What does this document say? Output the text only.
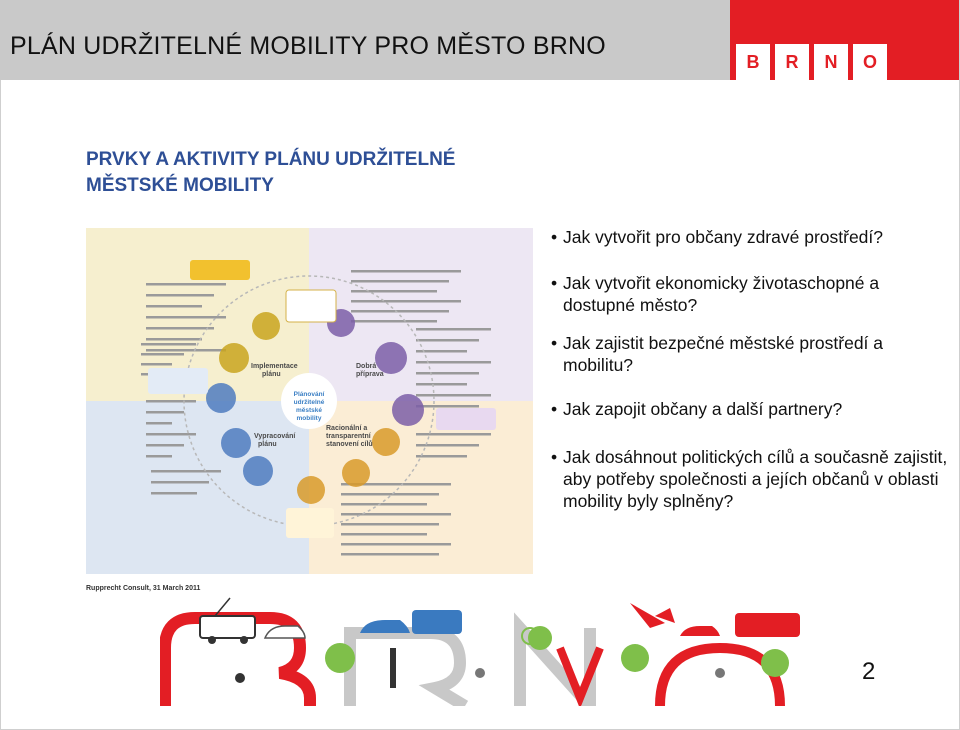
PLÁN UDRŽITELNÉ MOBILITY PRO MĚSTO BRNO
B	R	N	O
PRVKY A AKTIVITY PLÁNU UDRŽITELNÉ
MĚSTSKÉ MOBILITY
Plánování
udržitelné
městské
mobility
Dobrá
příprava
Racionální a
transparentní
stanovení cílů
Vypracování
plánu
Implementace
plánu
Rupprecht Consult, 31 March 2011
• Jak vytvořit pro občany zdravé prostředí?
• Jak vytvořit ekonomicky životaschopné a dostupné město?
• Jak zajistit bezpečné městské prostředí a mobilitu?
• Jak zapojit občany a další partnery?
• Jak dosáhnout politických cílů a současně zajistit, aby potřeby společnosti a jejích občanů v oblasti mobility byly splněny?
2
